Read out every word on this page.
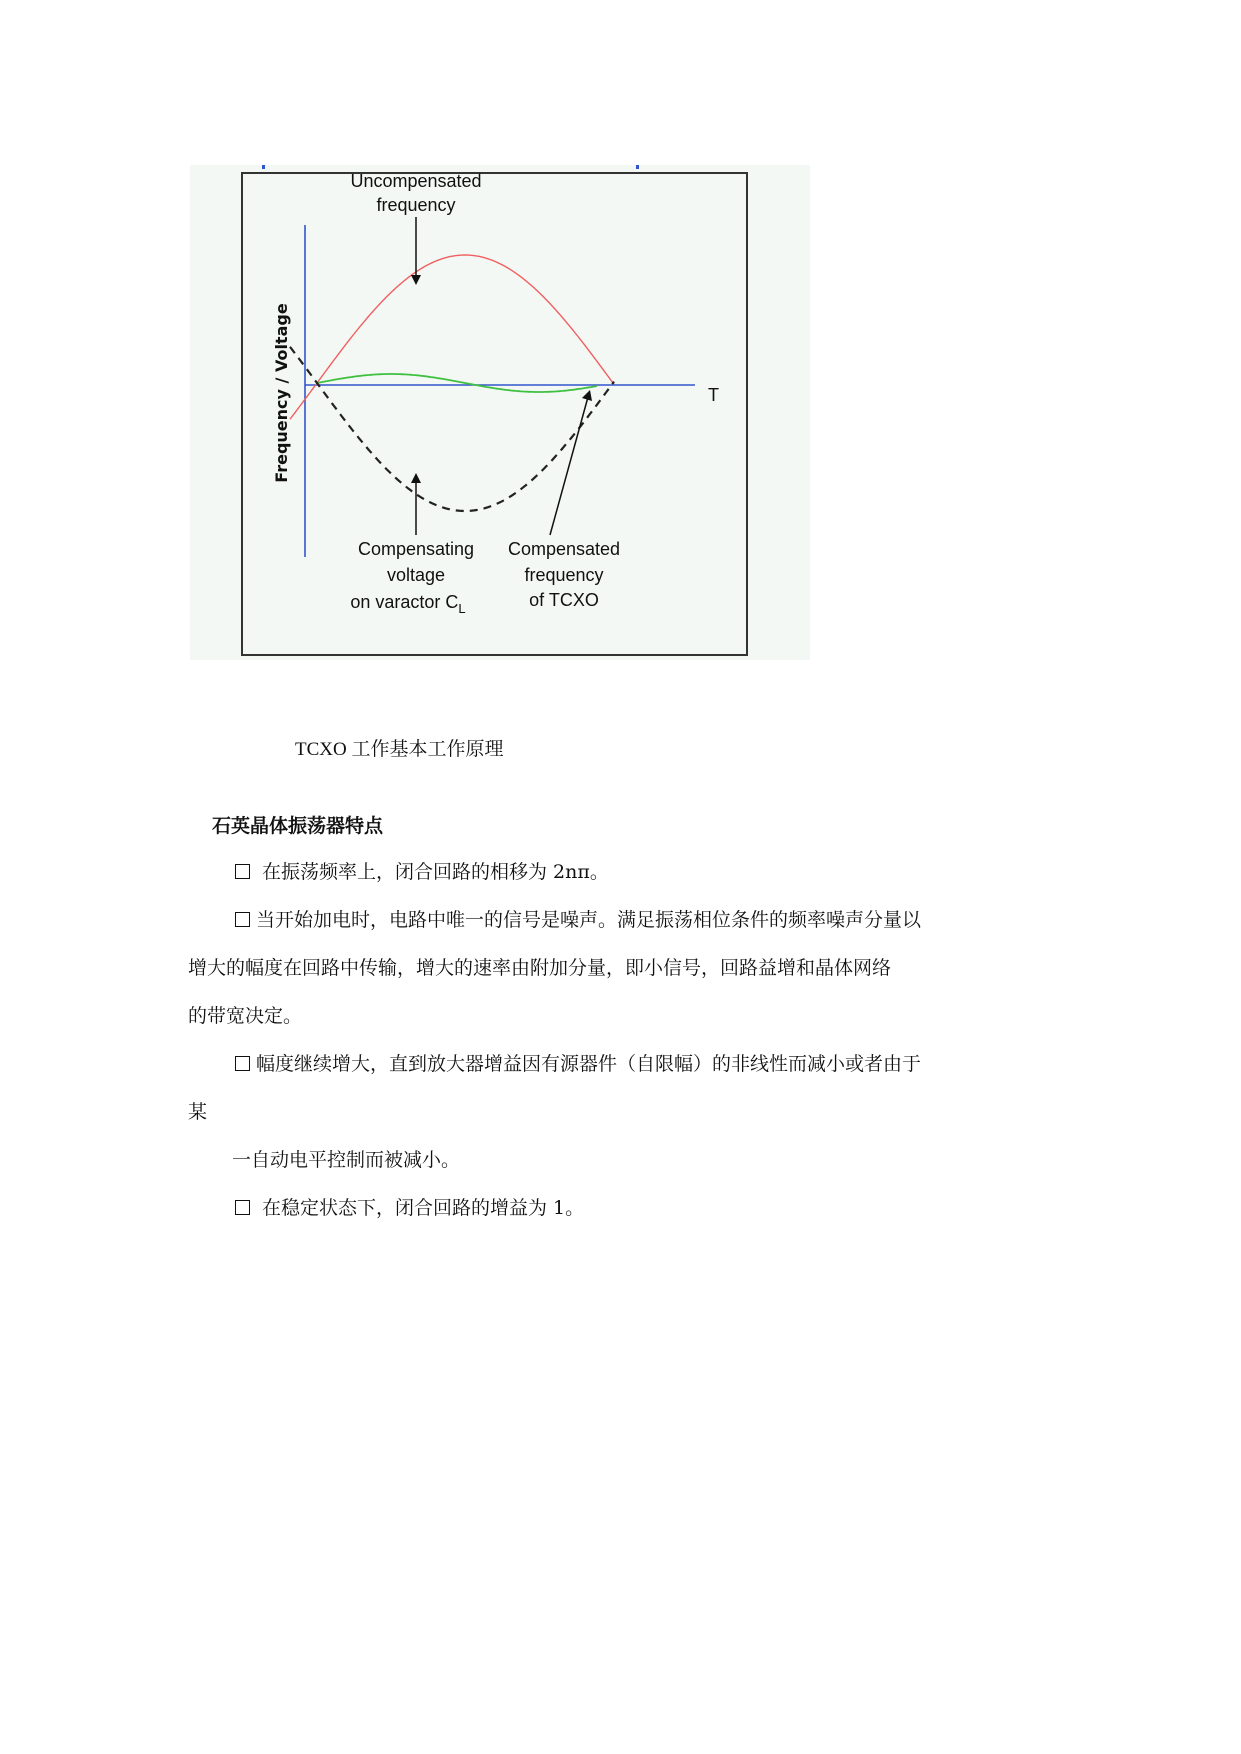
Frequency / Voltage	T
Uncompensated
frequency
Compensating
voltage
on varactor $C_L$
Compensated
frequency
of TCXO
TCXO 工作基本工作原理
石英晶体振荡器特点
在振荡频率上，闭合回路的相移为 2nπ。
当开始加电时，电路中唯一的信号是噪声。满足振荡相位条件的频率噪声分量以
增大的幅度在回路中传输，增大的速率由附加分量，即小信号，回路益增和晶体网络
的带宽决定。
幅度继续增大，直到放大器增益因有源器件（自限幅）的非线性而减小或者由于
某
一自动电平控制而被减小。
在稳定状态下，闭合回路的增益为 1。
